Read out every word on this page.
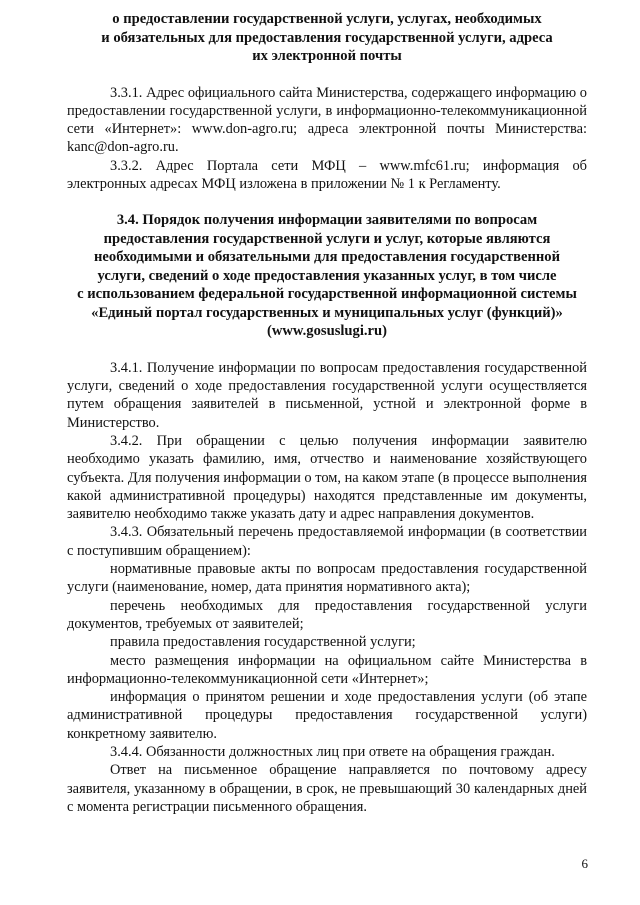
о предоставлении государственной услуги, услугах, необходимых

и обязательных для предоставления государственной услуги, адреса

их электронной почты

3.3.1. Адрес официального сайта Министерства, содержащего информацию о предоставлении государственной услуги, в информационно-телекоммуникационной сети «Интернет»: www.don-agro.ru; адреса электронной почты Министерства: kanc@don-agro.ru.

3.3.2. Адрес Портала сети МФЦ – www.mfc61.ru; информация об электронных адресах МФЦ изложена в приложении № 1 к Регламенту.

3.4. Порядок получения информации заявителями по вопросам

предоставления государственной услуги и услуг, которые являются

необходимыми и обязательными для предоставления государственной

услуги, сведений о ходе предоставления указанных услуг, в том числе

с использованием федеральной государственной информационной системы

«Единый портал государственных и муниципальных услуг (функций)»

(www.gosuslugi.ru)

3.4.1. Получение информации по вопросам предоставления государственной услуги, сведений о ходе предоставления государственной услуги осуществляется путем обращения заявителей в письменной, устной и электронной форме в Министерство.

3.4.2. При обращении с целью получения информации заявителю необходимо указать фамилию, имя, отчество и наименование хозяйствующего субъекта. Для получения информации о том, на каком этапе (в процессе выполнения какой административной процедуры) находятся представленные им документы, заявителю необходимо также указать дату и адрес направления документов.

3.4.3. Обязательный перечень предоставляемой информации (в соответствии с поступившим обращением):

нормативные правовые акты по вопросам предоставления государственной услуги (наименование, номер, дата принятия нормативного акта);

перечень необходимых для предоставления государственной услуги документов, требуемых от заявителей;

правила предоставления государственной услуги;

место размещения информации на официальном сайте Министерства в информационно-телекоммуникационной сети «Интернет»;

информация о принятом решении и ходе предоставления услуги (об этапе административной процедуры предоставления государственной услуги) конкретному заявителю.

3.4.4. Обязанности должностных лиц при ответе на обращения граждан.

Ответ на письменное обращение направляется по почтовому адресу заявителя, указанному в обращении, в срок, не превышающий 30 календарных дней с момента регистрации письменного обращения.

6
